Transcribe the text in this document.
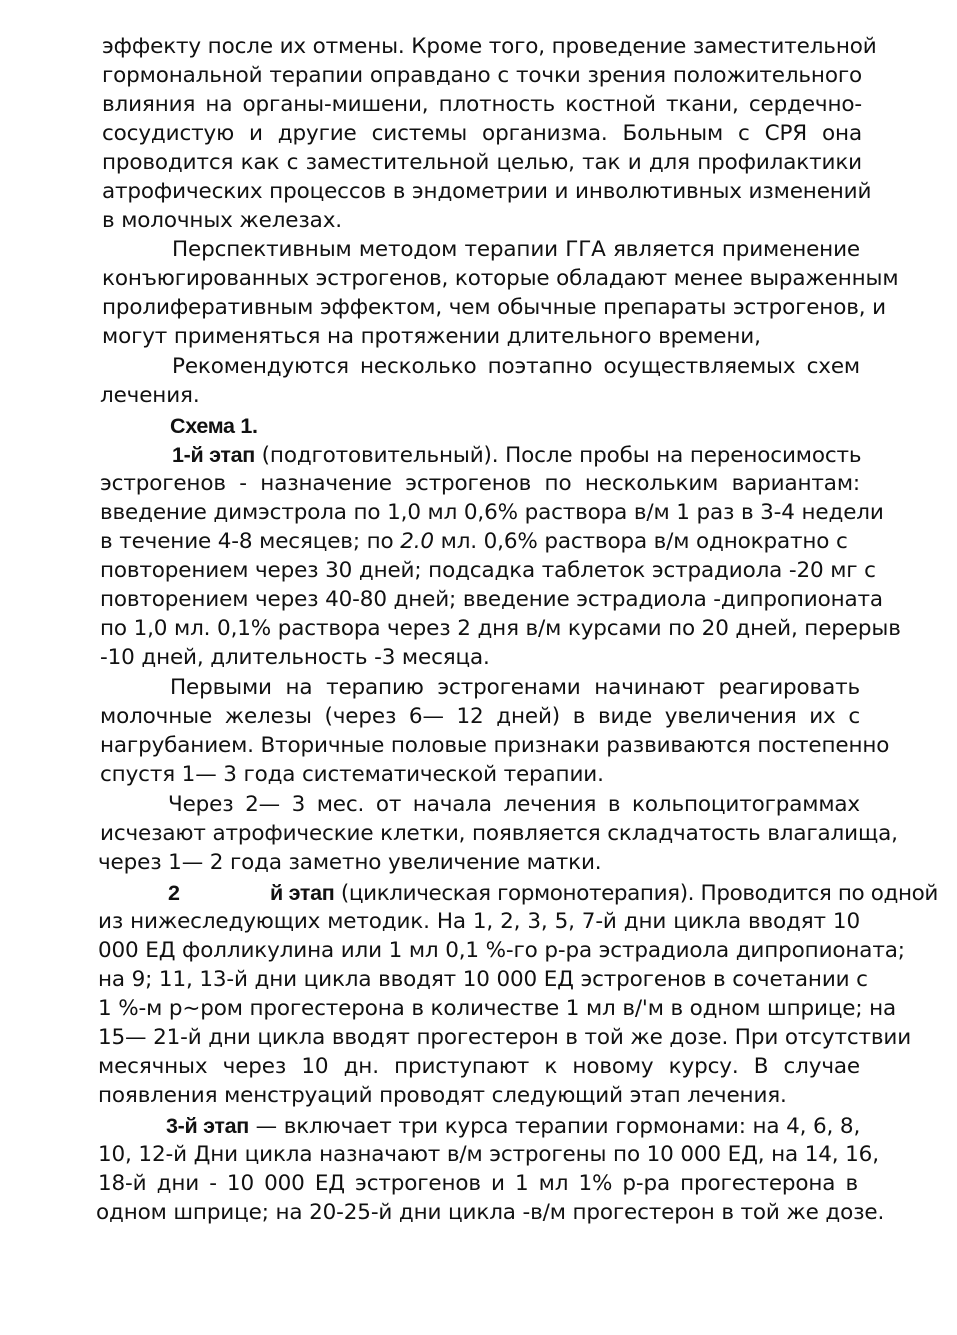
эффекту после их отмены. Кроме того, проведение заместительной
гормональной терапии оправдано с точки зрения положительного
влияния на органы-мишени, плотность костной ткани, сердечно-
сосудистую и другие системы организма. Больным с СРЯ она
проводится как с заместительной целью, так и для профилактики
атрофических процессов в эндометрии и инволютивных изменений
в молочных железах.
Перспективным методом терапии ГГА является применение
конъюгированных эстрогенов, которые обладают менее выраженным
пролиферативным эффектом, чем обычные препараты эстрогенов, и
могут применяться на протяжении длительного времени,
Рекомендуются несколько поэтапно осуществляемых схем
лечения.
Схема 1.
1-й этап (подготовительный). После пробы на переносимость
эстрогенов - назначение эстрогенов по нескольким вариантам:
введение димэстрола по 1,0 мл 0,6% раствора в/м 1 раз в 3-4 недели
в течение 4-8 месяцев; по 2.0 мл. 0,6% раствора в/м однократно с
повторением через 30 дней; подсадка таблеток эстрадиола -20 мг с
повторением через 40-80 дней; введение эстрадиола -дипропионата
по 1,0 мл. 0,1% раствора через 2 дня в/м курсами по 20 дней, перерыв
-10 дней, длительность -3 месяца.
Первыми на терапию эстрогенами начинают реагировать
молочные железы (через 6— 12 дней) в виде увеличения их с
нагрубанием. Вторичные половые признаки развиваются постепенно
спустя 1— 3 года систематической терапии.
Через 2— 3 мес. от начала лечения в кольпоцитограммах
исчезают атрофические клетки, появляется складчатость влагалища,
через 1— 2 года заметно увеличение матки.
2	й этап (циклическая гормонотерапия). Проводится по одной
из нижеследующих методик. На 1, 2, 3, 5, 7-й дни цикла вводят 10
000 ЕД фолликулина или 1 мл 0,1 %-го р-ра эстрадиола дипропионата;
на 9; 11, 13-й дни цикла вводят 10 000 ЕД эстрогенов в сочетании с
1 %-м р~ром прогестерона в количестве 1 мл в/'м в одном шприце; на
15— 21-й дни цикла вводят прогестерон в той же дозе. При отсутствии
месячных через 10 дн. приступают к новому курсу. В случае
появления менструаций проводят следующий этап лечения.
3-й этап — включает три курса терапии гормонами: на 4, 6, 8,
10, 12-й Дни цикла назначают в/м эстрогены по 10 000 ЕД, на 14, 16,
18-й дни - 10 000 ЕД эстрогенов и 1 мл 1% р-ра прогестерона в
одном шприце; на 20-25-й дни цикла -в/м прогестерон в той же дозе.
